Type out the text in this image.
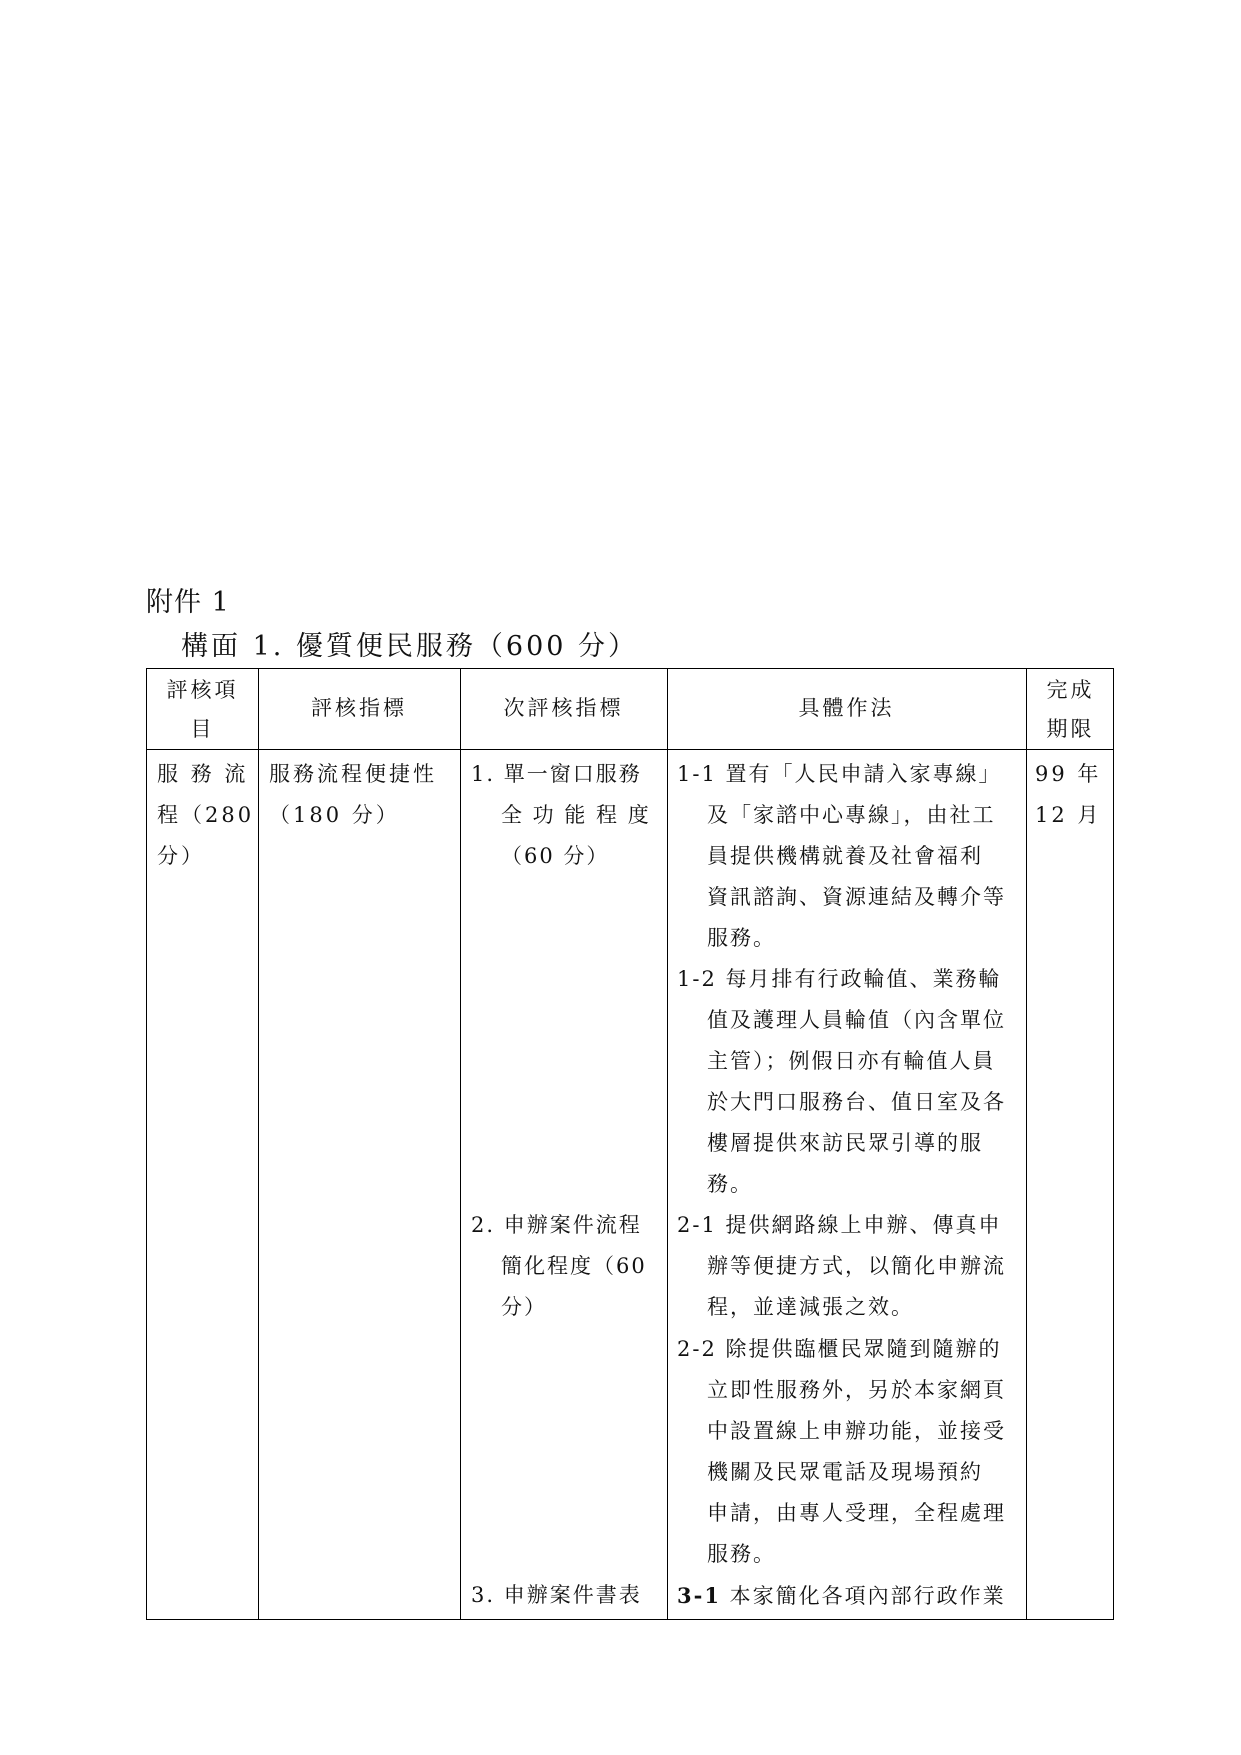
附件 1
構面 1. 優質便民服務（600 分）
評核項
目
評核指標	次評核指標	具體作法
完成
期限
服 務 流
程（280
分）
服務流程便捷性
（180 分）
1. 單一窗口服務
全 功 能 程 度
（60 分）
2. 申辦案件流程
簡化程度（60
分）
3. 申辦案件書表
1-1 置有「人民申請入家專線」
及「家諮中心專線」，由社工
員提供機構就養及社會福利
資訊諮詢、資源連結及轉介等
服務。
1-2 每月排有行政輪值、業務輪
值及護理人員輪值（內含單位
主管）；例假日亦有輪值人員
於大門口服務台、值日室及各
樓層提供來訪民眾引導的服
務。
2-1 提供網路線上申辦、傳真申
辦等便捷方式，以簡化申辦流
程，並達減張之效。
2-2 除提供臨櫃民眾隨到隨辦的
立即性服務外，另於本家網頁
中設置線上申辦功能，並接受
機關及民眾電話及現場預約
申請，由專人受理，全程處理
服務。
3-1 本家簡化各項內部行政作業
99 年
12 月
